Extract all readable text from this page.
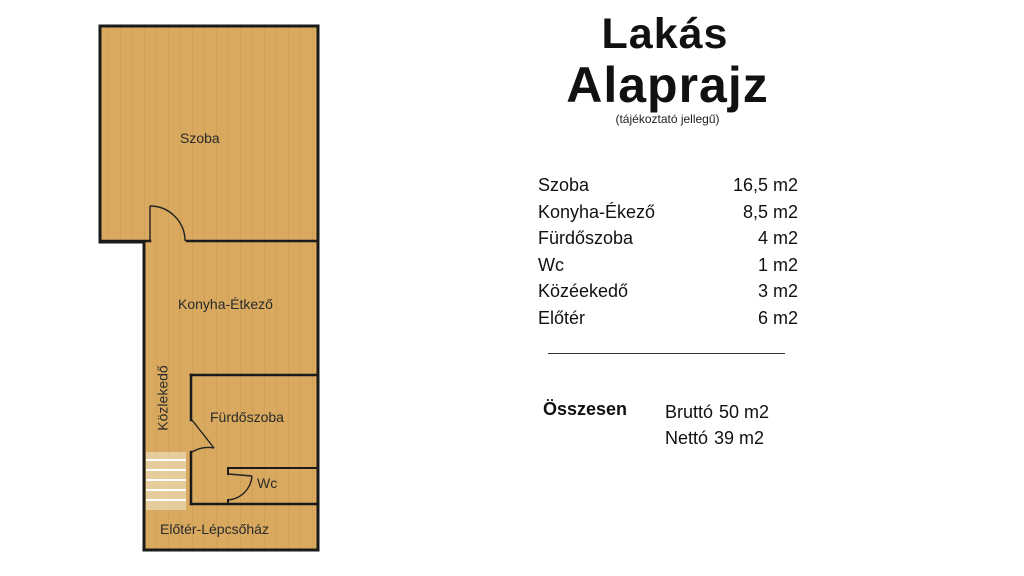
Szoba
Konyha-Étkező
Közlekedő	Fürdőszoba
Wc
Előtér-Lépcsőház
Lakás
Alaprajz
(tájékoztató jellegű)
Szoba	16,5 m2
Konyha-Ékező	8,5 m2
Fürdőszoba	4 m2
Wc	1 m2
Közéekedő	3 m2
Előtér	6 m2
Összesen Bruttó 50 m2
Nettó 39 m2
